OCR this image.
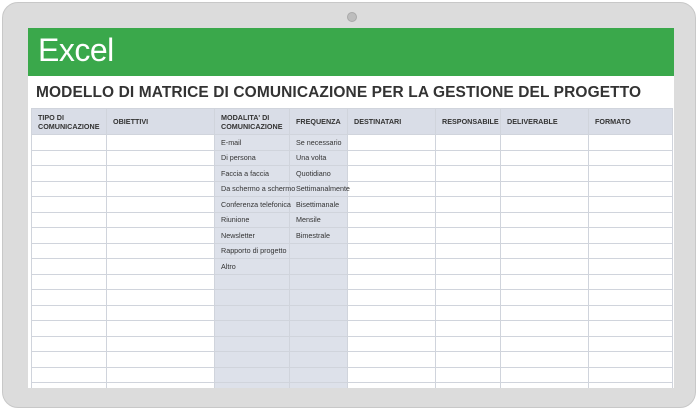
Excel
MODELLO DI MATRICE DI COMUNICAZIONE PER LA GESTIONE DEL PROGETTO
TIPO DI COMUNICAZIONE	OBIETTIVI	MODALITA' DI COMUNICAZIONE	FREQUENZA	DESTINATARI	RESPONSABILE	DELIVERABLE	FORMATO
		E-mail	Se necessario				
		Di persona	Una volta				
		Faccia a faccia	Quotidiano				
		Da schermo a schermo	Settimanalmente				
		Conferenza telefonica	Bisettimanale				
		Riunione	Mensile				
		Newsletter	Bimestrale				
		Rapporto di progetto					
		Altro					
